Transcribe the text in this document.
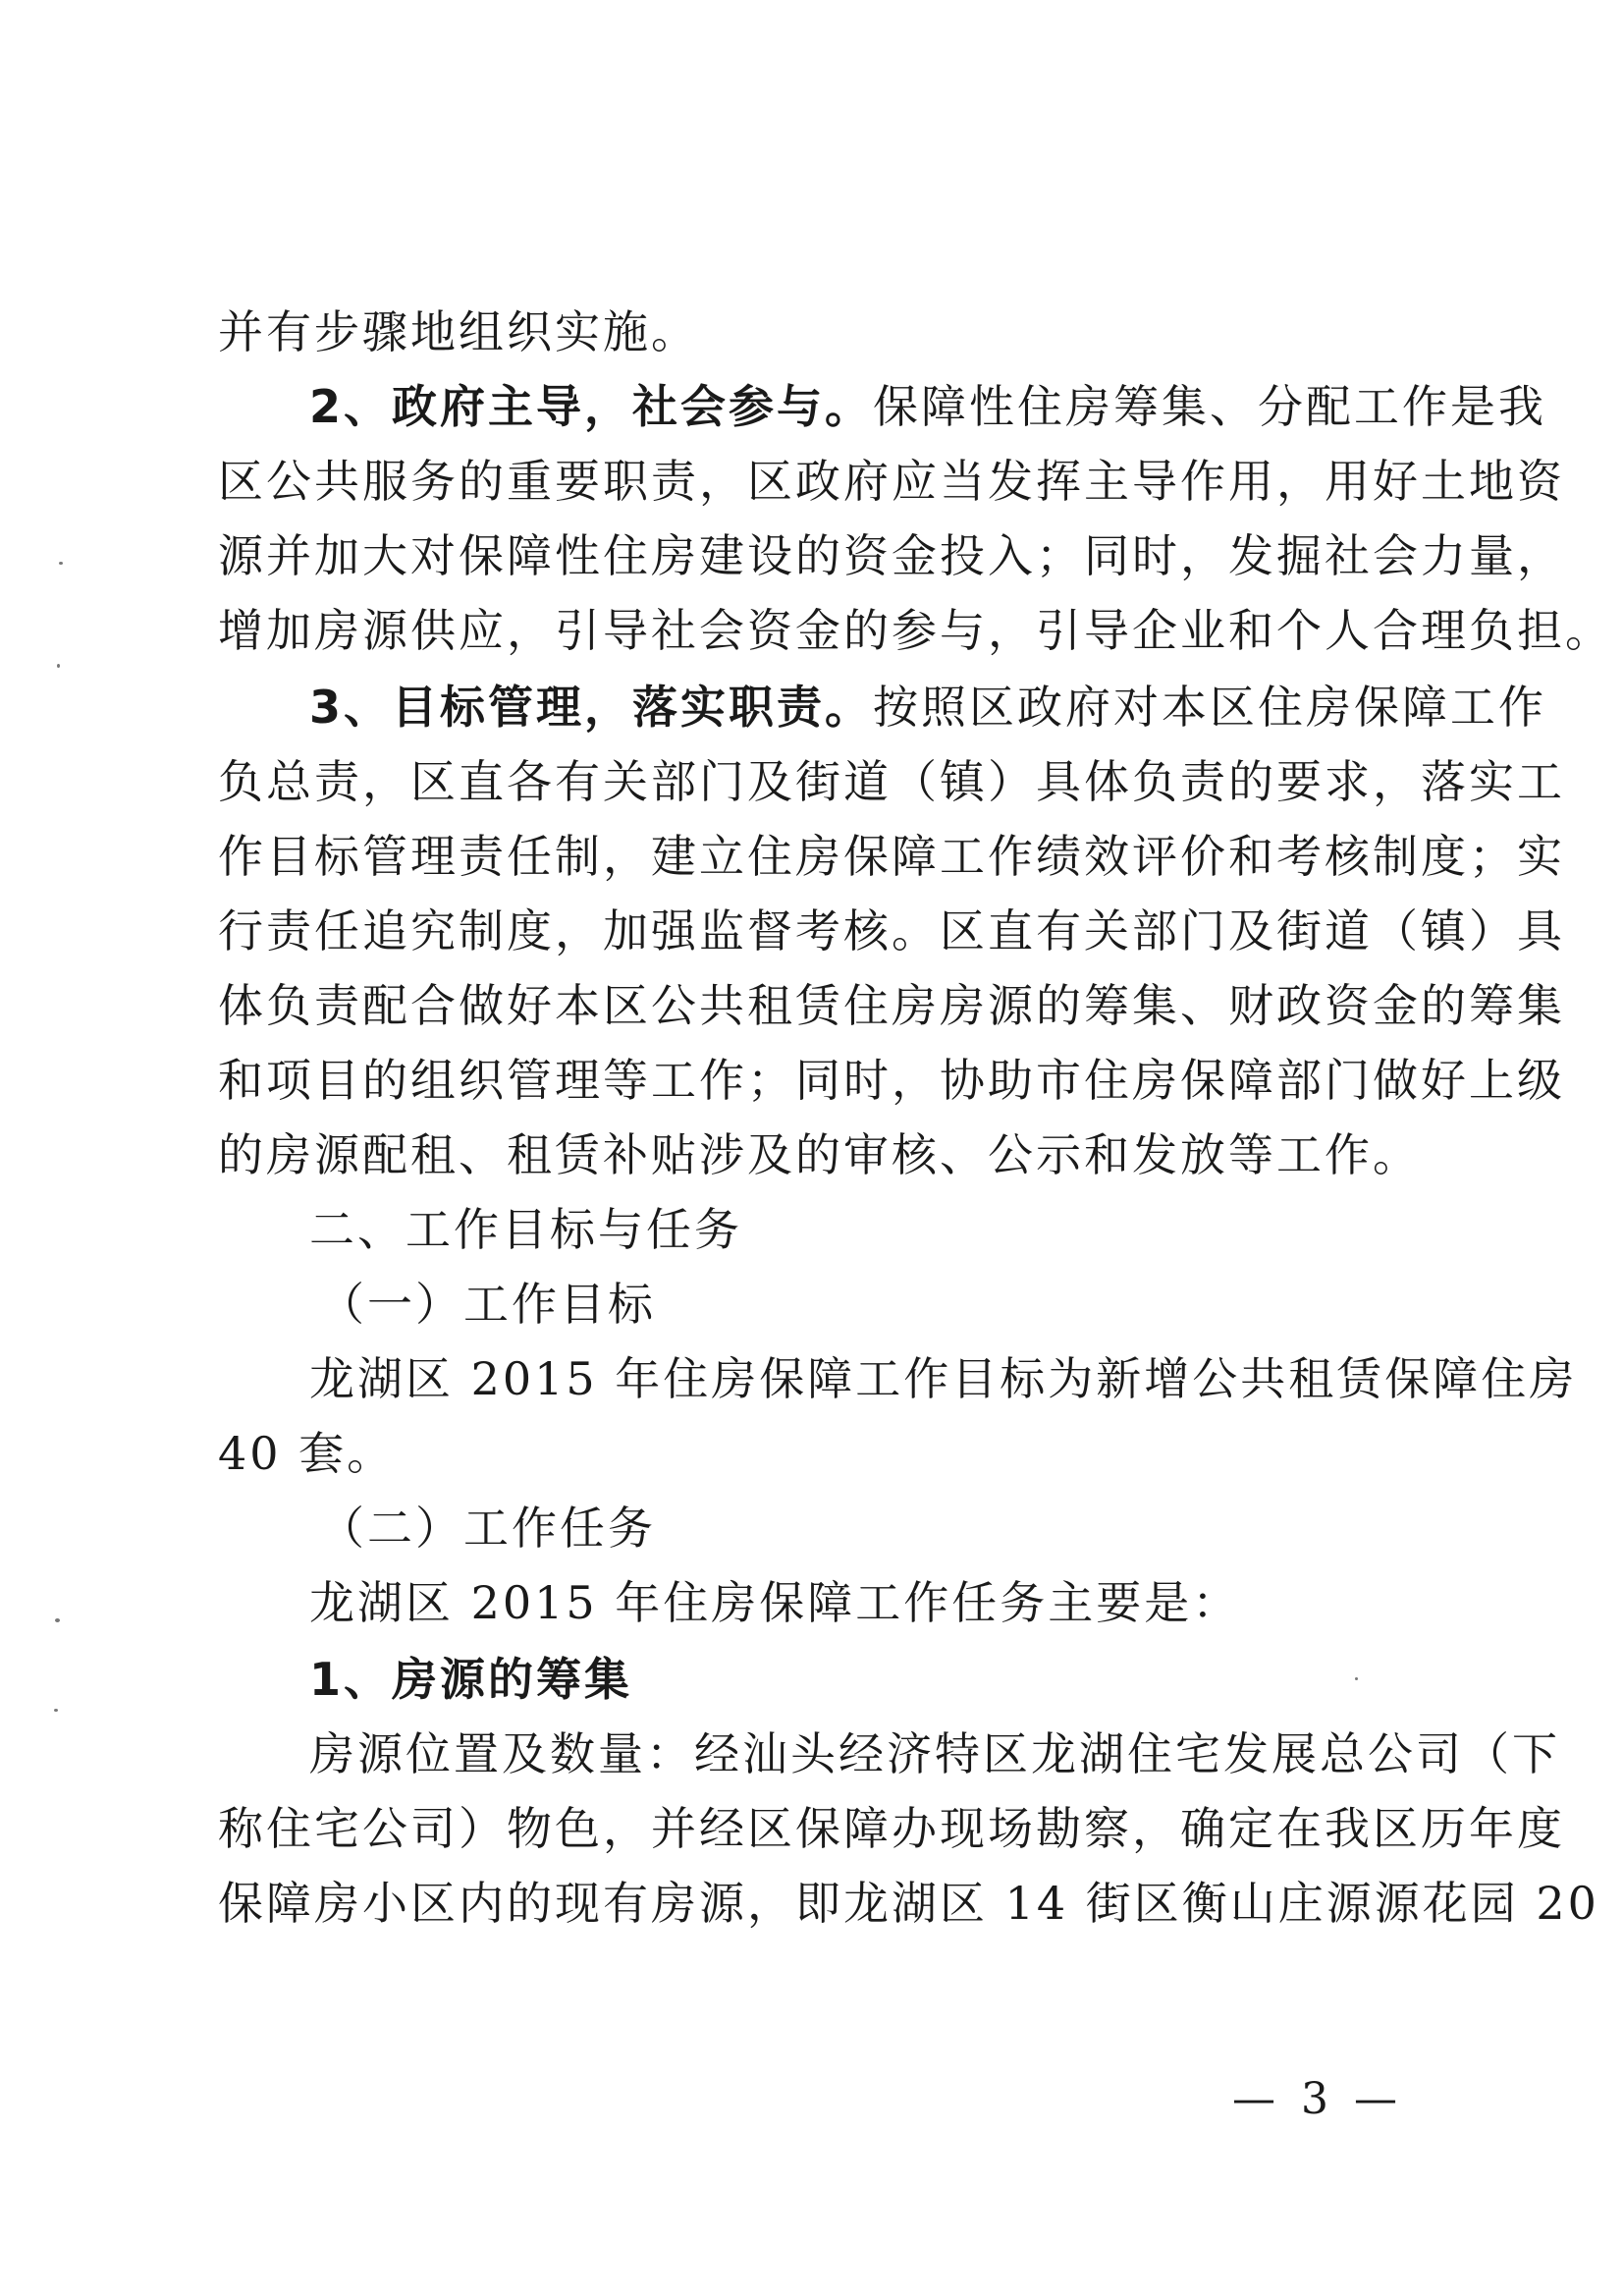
并有步骤地组织实施。
2、政府主导，社会参与。保障性住房筹集、分配工作是我
区公共服务的重要职责，区政府应当发挥主导作用，用好土地资
源并加大对保障性住房建设的资金投入；同时，发掘社会力量，
增加房源供应，引导社会资金的参与，引导企业和个人合理负担。
3、目标管理，落实职责。按照区政府对本区住房保障工作
负总责，区直各有关部门及街道（镇）具体负责的要求，落实工
作目标管理责任制，建立住房保障工作绩效评价和考核制度；实
行责任追究制度，加强监督考核。区直有关部门及街道（镇）具
体负责配合做好本区公共租赁住房房源的筹集、财政资金的筹集
和项目的组织管理等工作；同时，协助市住房保障部门做好上级
的房源配租、租赁补贴涉及的审核、公示和发放等工作。
二、工作目标与任务
（一）工作目标
龙湖区 2015 年住房保障工作目标为新增公共租赁保障住房
40 套。
（二）工作任务
龙湖区 2015 年住房保障工作任务主要是：
1、房源的筹集
房源位置及数量：经汕头经济特区龙湖住宅发展总公司（下
称住宅公司）物色，并经区保障办现场勘察，确定在我区历年度
保障房小区内的现有房源，即龙湖区 14 街区衡山庄源源花园 20
— 3 —
